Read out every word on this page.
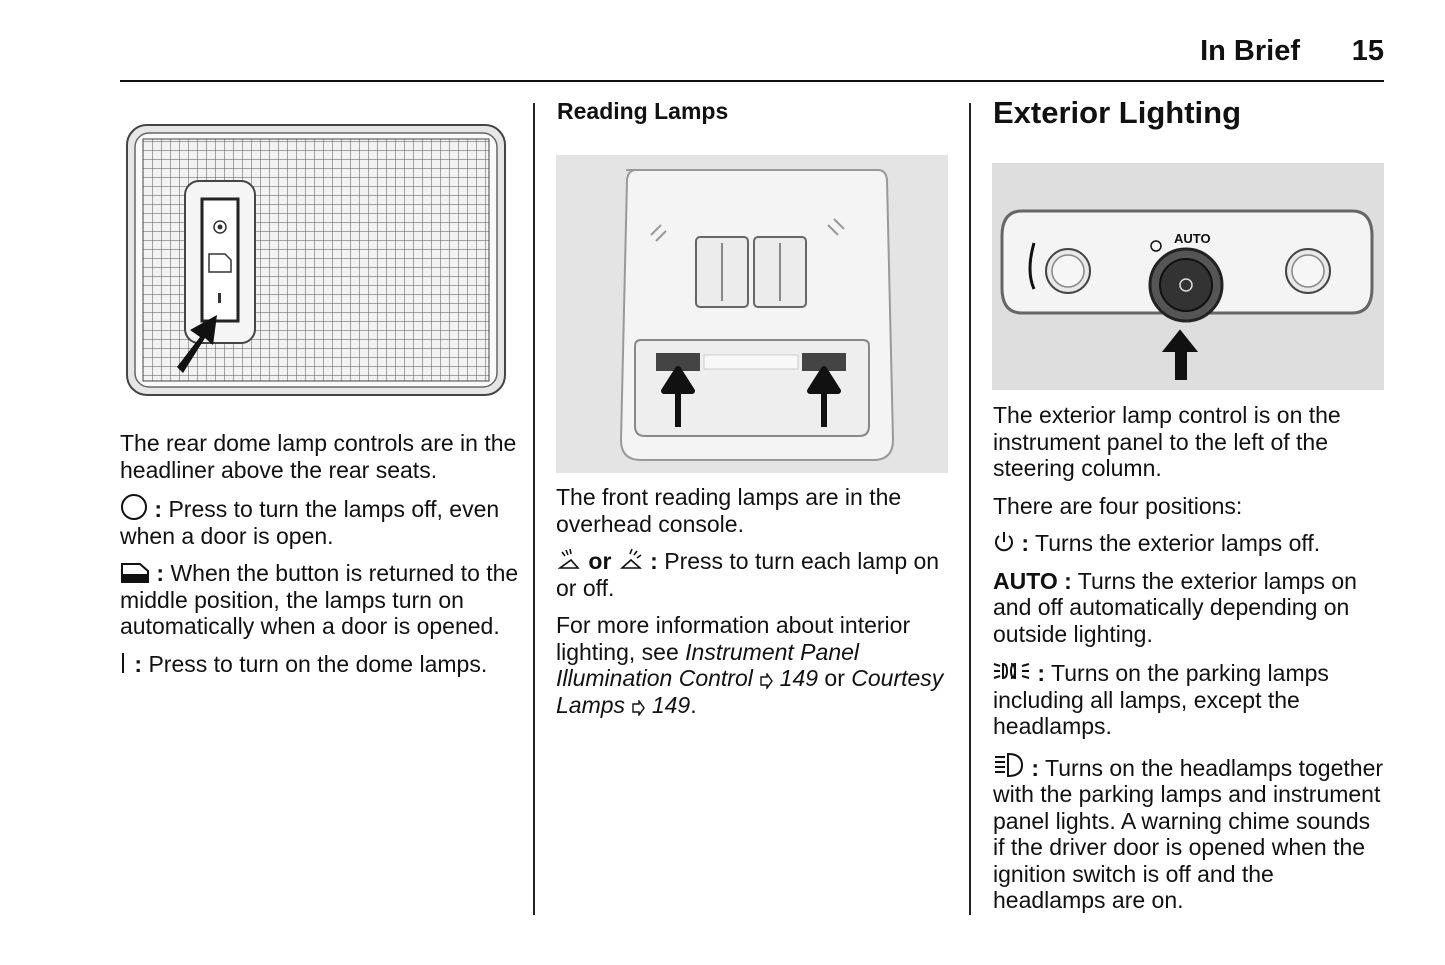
In Brief 15

The rear dome lamp controls are in the headliner above the rear seats.

: Press to turn the lamps off, even when a door is open.

: When the button is returned to the middle position, the lamps turn on automatically when a door is opened.

: Press to turn on the dome lamps.

Reading Lamps

The front reading lamps are in the overhead console.

or : Press to turn each lamp on or off.

For more information about interior lighting, see Instrument Panel Illumination Control 149 or Courtesy Lamps 149.

Exterior Lighting
AUTO

The exterior lamp control is on the instrument panel to the left of the steering column.

There are four positions:

: Turns the exterior lamps off.

AUTO : Turns the exterior lamps on and off automatically depending on outside lighting.

: Turns on the parking lamps including all lamps, except the headlamps.

: Turns on the headlamps together with the parking lamps and instrument panel lights. A warning chime sounds if the driver door is opened when the ignition switch is off and the headlamps are on.
